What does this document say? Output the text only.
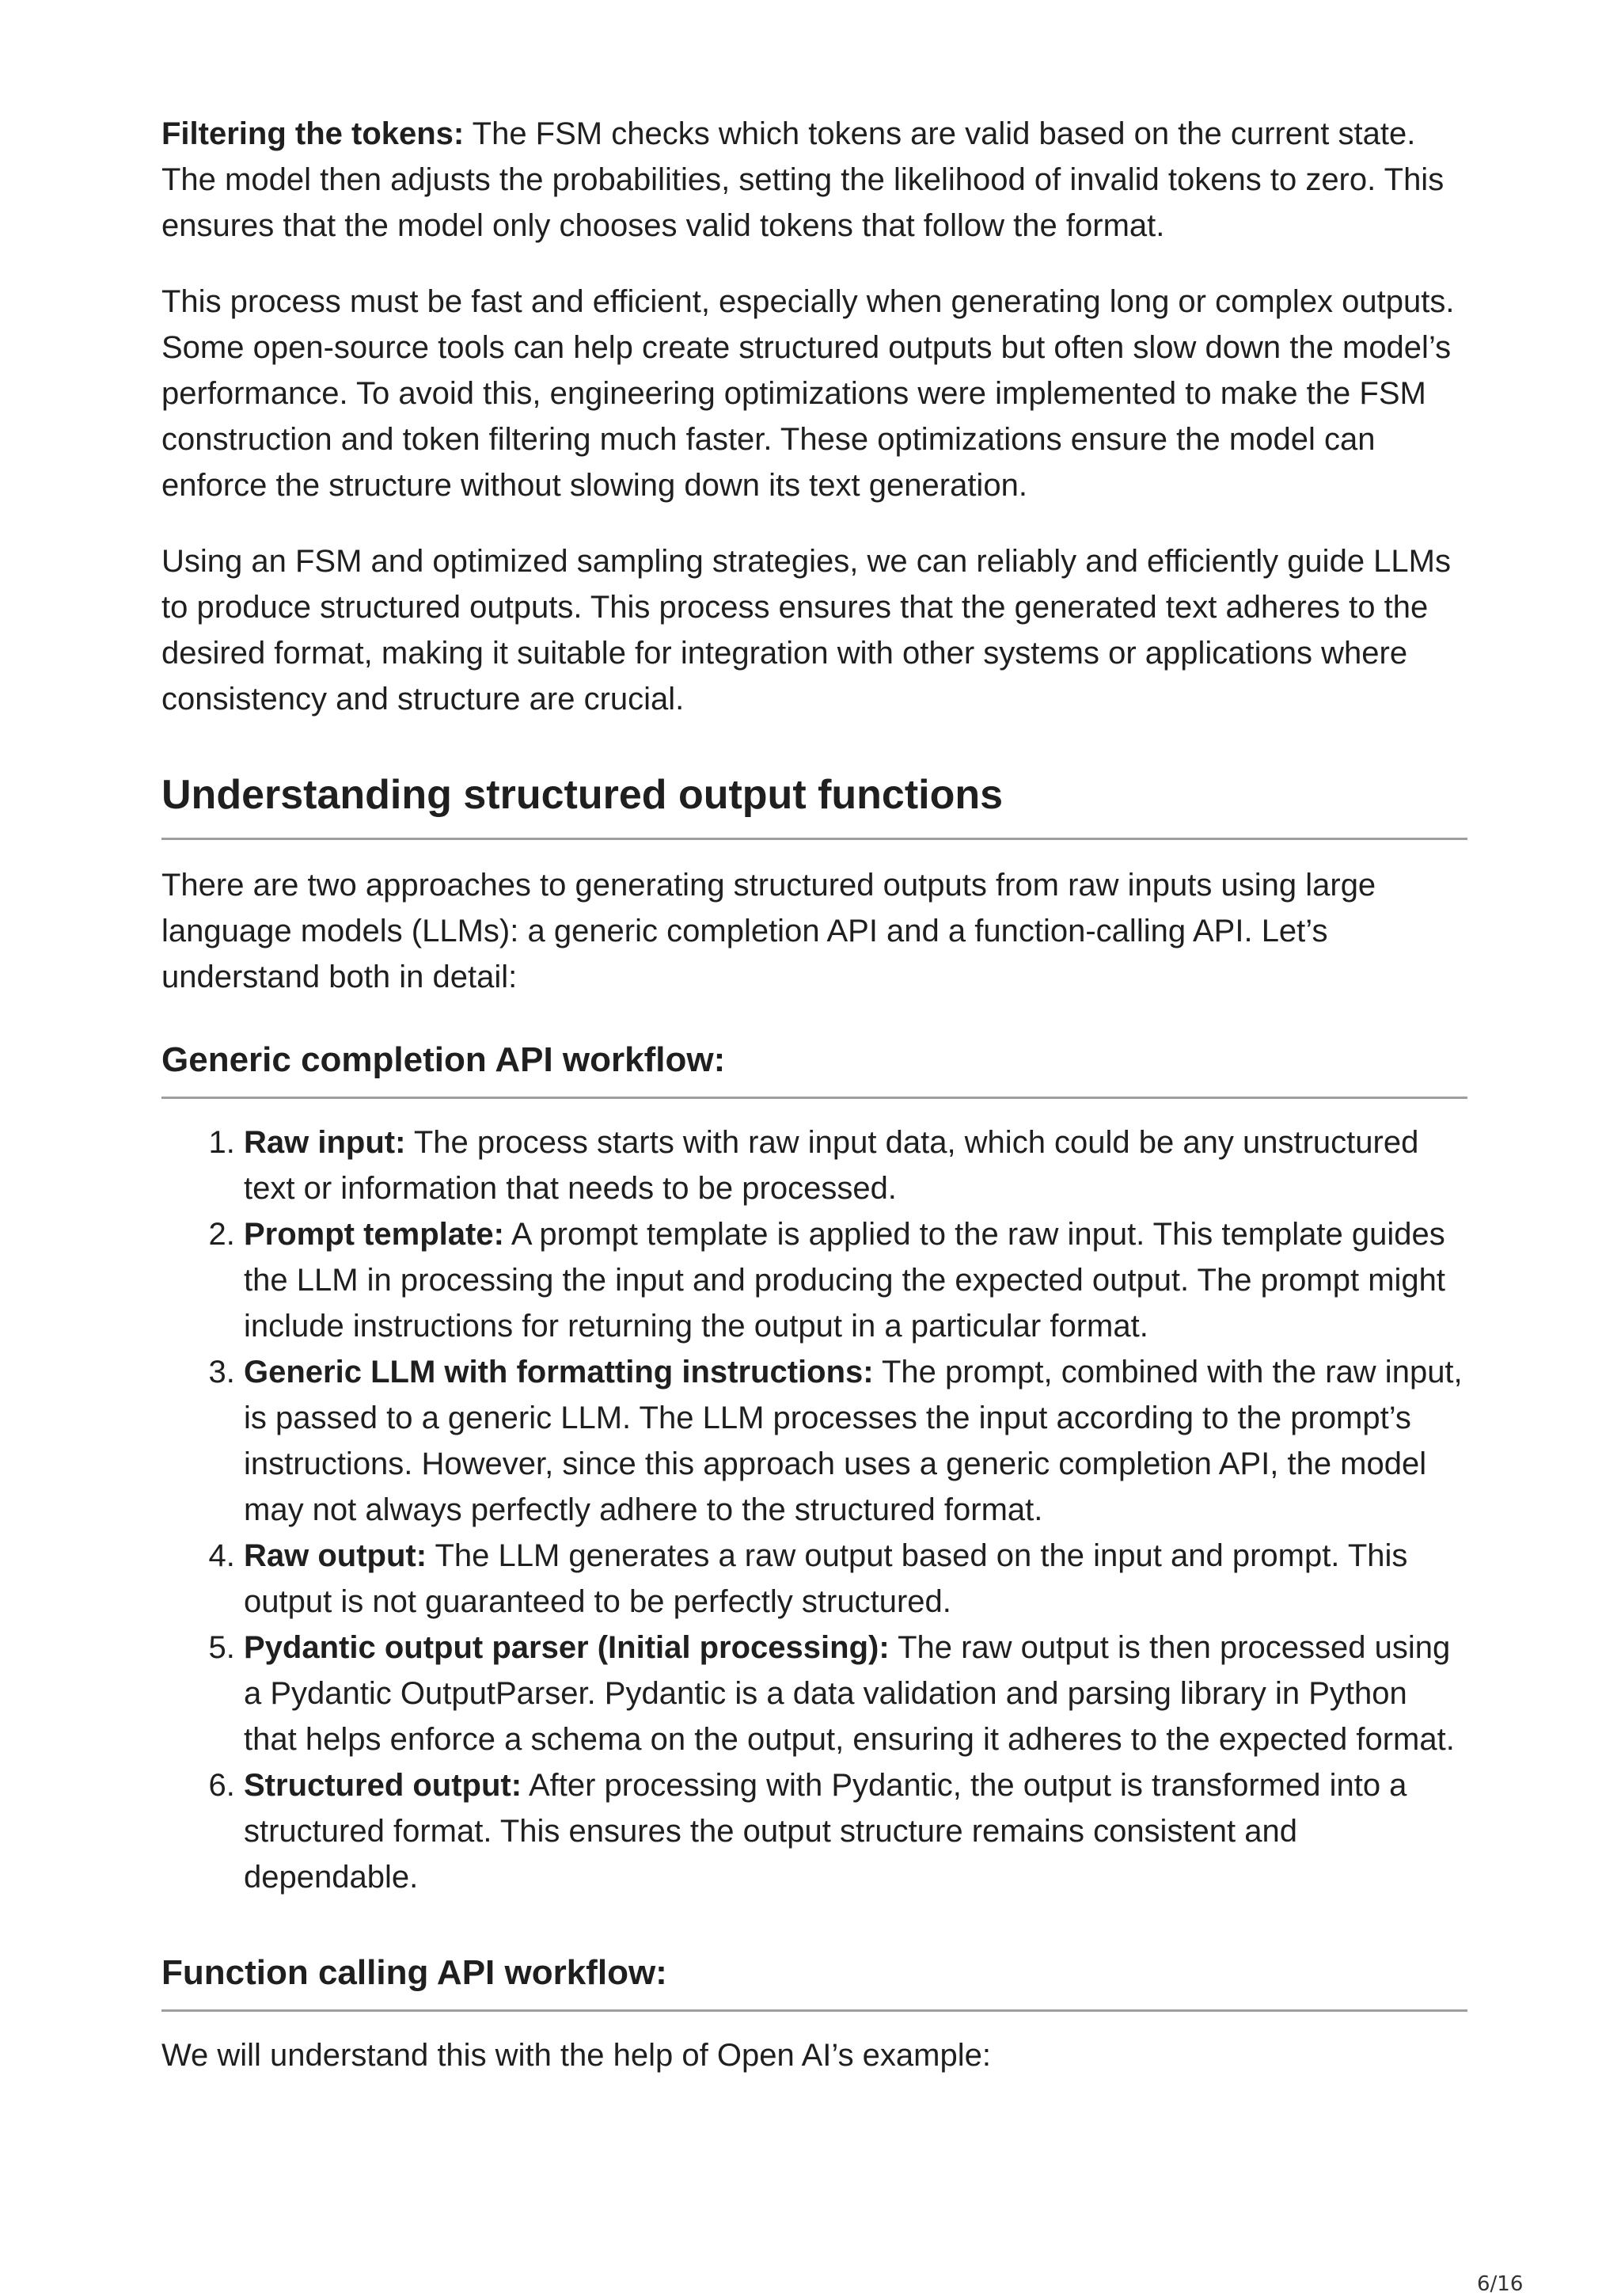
Filtering the tokens: The FSM checks which tokens are valid based on the current state. The model then adjusts the probabilities, setting the likelihood of invalid tokens to zero. This ensures that the model only chooses valid tokens that follow the format.

This process must be fast and efficient, especially when generating long or complex outputs. Some open-source tools can help create structured outputs but often slow down the model’s performance. To avoid this, engineering optimizations were implemented to make the FSM construction and token filtering much faster. These optimizations ensure the model can enforce the structure without slowing down its text generation.

Using an FSM and optimized sampling strategies, we can reliably and efficiently guide LLMs to produce structured outputs. This process ensures that the generated text adheres to the desired format, making it suitable for integration with other systems or applications where consistency and structure are crucial.

Understanding structured output functions

There are two approaches to generating structured outputs from raw inputs using large language models (LLMs): a generic completion API and a function-calling API. Let’s understand both in detail:

Generic completion API workflow:
1. Raw input: The process starts with raw input data, which could be any unstructured text or information that needs to be processed.
2. Prompt template: A prompt template is applied to the raw input. This template guides the LLM in processing the input and producing the expected output. The prompt might include instructions for returning the output in a particular format.
3. Generic LLM with formatting instructions: The prompt, combined with the raw input, is passed to a generic LLM. The LLM processes the input according to the prompt’s instructions. However, since this approach uses a generic completion API, the model may not always perfectly adhere to the structured format.
4. Raw output: The LLM generates a raw output based on the input and prompt. This output is not guaranteed to be perfectly structured.
5. Pydantic output parser (Initial processing): The raw output is then processed using a Pydantic OutputParser. Pydantic is a data validation and parsing library in Python that helps enforce a schema on the output, ensuring it adheres to the expected format.
6. Structured output: After processing with Pydantic, the output is transformed into a structured format. This ensures the output structure remains consistent and dependable.
Function calling API workflow:

We will understand this with the help of Open AI’s example:

6/16
